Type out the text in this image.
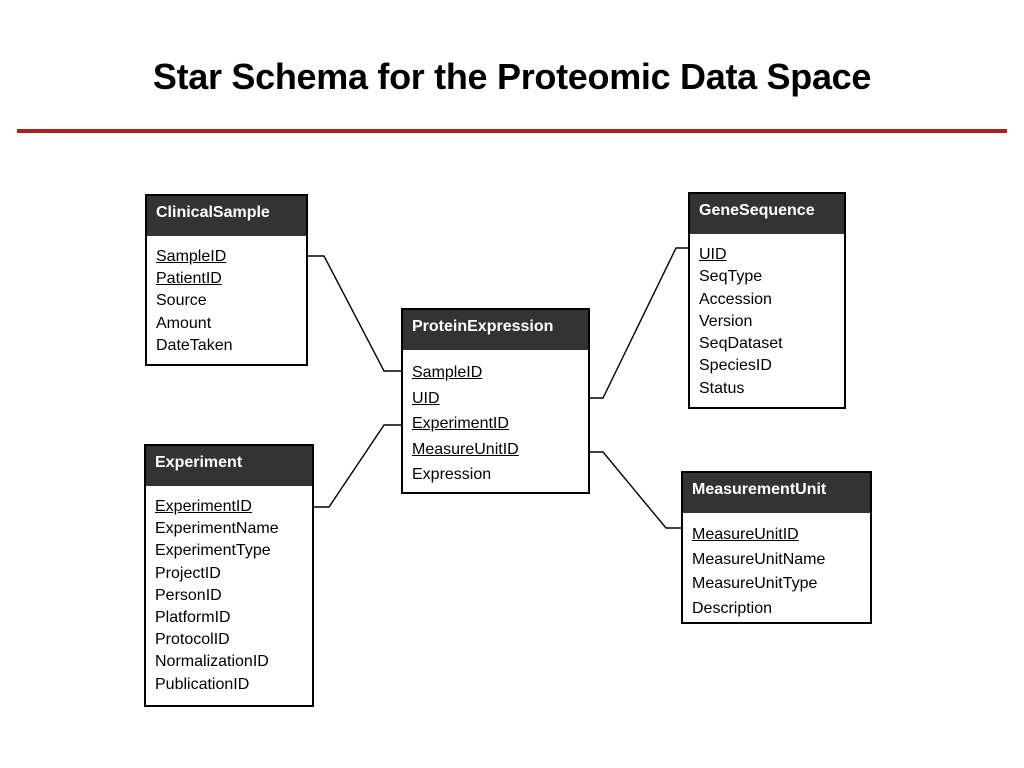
Star Schema for the Proteomic Data Space
ClinicalSample
SampleID
PatientID
Source
Amount
DateTaken
Experiment
ExperimentID
ExperimentName
ExperimentType
ProjectID
PersonID
PlatformID
ProtocolID
NormalizationID
PublicationID
ProteinExpression
SampleID
UID
ExperimentID
MeasureUnitID
Expression
GeneSequence
UID
SeqType
Accession
Version
SeqDataset
SpeciesID
Status
MeasurementUnit
MeasureUnitID
MeasureUnitName
MeasureUnitType
Description
